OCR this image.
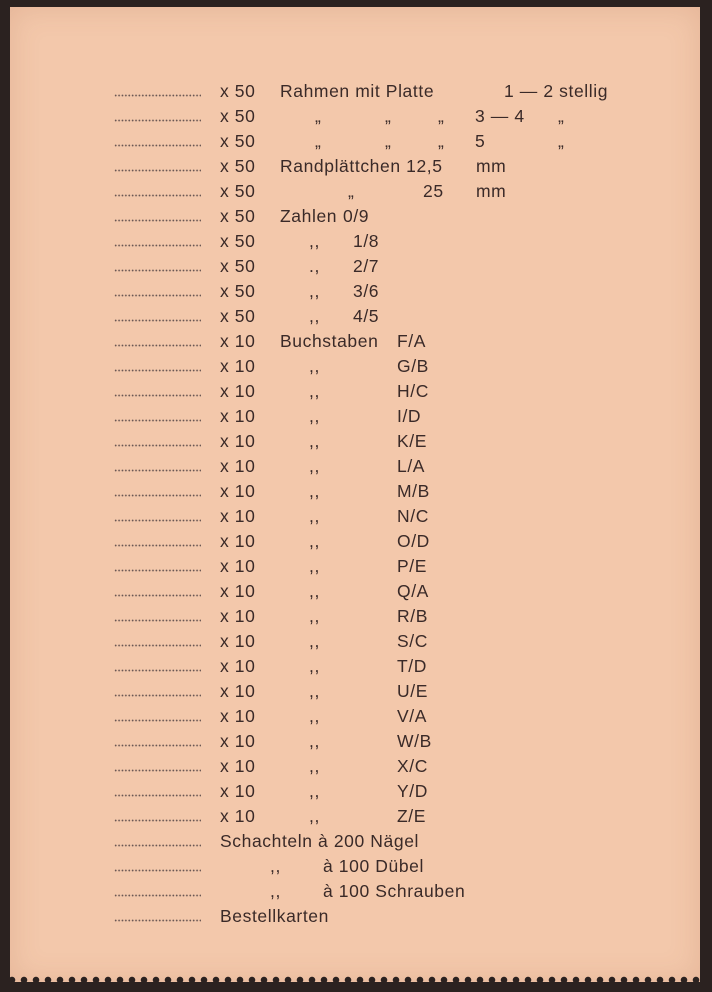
x 50 Rahmen mit Platte	1 — 2 stellig
x 50	„	„	„ 3 — 4 „
x 50	„	„	„ 5	„
x 50 Randplättchen 12,5 mm
x 50	„	25 mm
x 50 Zahlen 0/9
x 50	,, 1/8
x 50	., 2/7
x 50	,, 3/6
x 50	,, 4/5
x 10 Buchstaben F/A
x 10	,,	G/B
x 10	,,	H/C
x 10	,,	I/D
x 10	,,	K/E
x 10	,,	L/A
x 10	,,	M/B
x 10	,,	N/C
x 10	,,	O/D
x 10	,,	P/E
x 10	,,	Q/A
x 10	,,	R/B
x 10	,,	S/C
x 10	,,	T/D
x 10	,,	U/E
x 10	,,	V/A
x 10	,,	W/B
x 10	,,	X/C
x 10	,,	Y/D
x 10	,,	Z/E
Schachteln à 200 Nägel
,, à 100 Dübel
,, à 100 Schrauben
Bestellkarten
